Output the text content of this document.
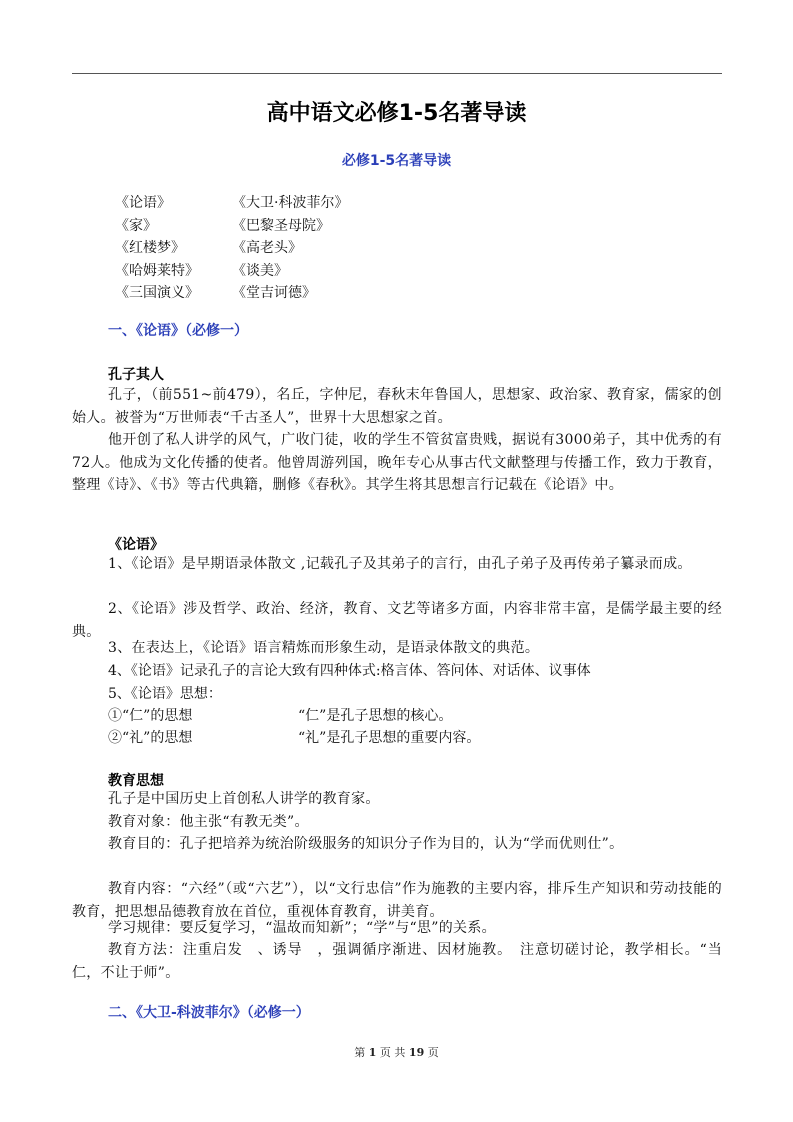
高中语文必修1-5名著导读
必修1-5名著导读
《论语》	《大卫·科波菲尔》
《家》	《巴黎圣母院》
《红楼梦》	《高老头》
《哈姆莱特》 《谈美》
《三国演义》 《堂吉诃德》
一、《论语》（必修一）
孔子其人
孔子，（前551~前479），名丘，字仲尼，春秋末年鲁国人，思想家、政治家、教育家，儒家的创始人。被誉为“万世师表“千古圣人”，世界十大思想家之首。
他开创了私人讲学的风气，广收门徒，收的学生不管贫富贵贱，据说有3000弟子，其中优秀的有72人。他成为文化传播的使者。他曾周游列国，晚年专心从事古代文献整理与传播工作，致力于教育，整理《诗》、《书》等古代典籍，删修《春秋》。其学生将其思想言行记载在《论语》中。
《论语》
1、《论语》是早期语录体散文 ,记载孔子及其弟子的言行，由孔子弟子及再传弟子纂录而成。
2、《论语》涉及哲学、政治、经济，教育、文艺等诸多方面，内容非常丰富，是儒学最主要的经典。
3、在表达上，《论语》语言精炼而形象生动，是语录体散文的典范。
4、《论语》记录孔子的言论大致有四种体式:格言体、答问体、对话体、议事体
5、《论语》思想：
①“仁”的思想	“仁”是孔子思想的核心。
②“礼”的思想	“礼”是孔子思想的重要内容。
教育思想
孔子是中国历史上首创私人讲学的教育家。
教育对象：他主张“有教无类”。
教育目的：孔子把培养为统治阶级服务的知识分子作为目的，认为“学而优则仕”。
教育内容：“六经”（或“六艺”），以“文行忠信”作为施教的主要内容，排斥生产知识和劳动技能的教育，把思想品德教育放在首位，重视体育教育，讲美育。
学习规律：要反复学习，“温故而知新”；“学”与“思”的关系。
教育方法：注重启发　、诱导　，强调循序渐进、因材施教。　注意切磋讨论，教学相长。“当仁，不让于师”。
二、《大卫-科波菲尔》（必修一）
第 1 页 共 19 页
